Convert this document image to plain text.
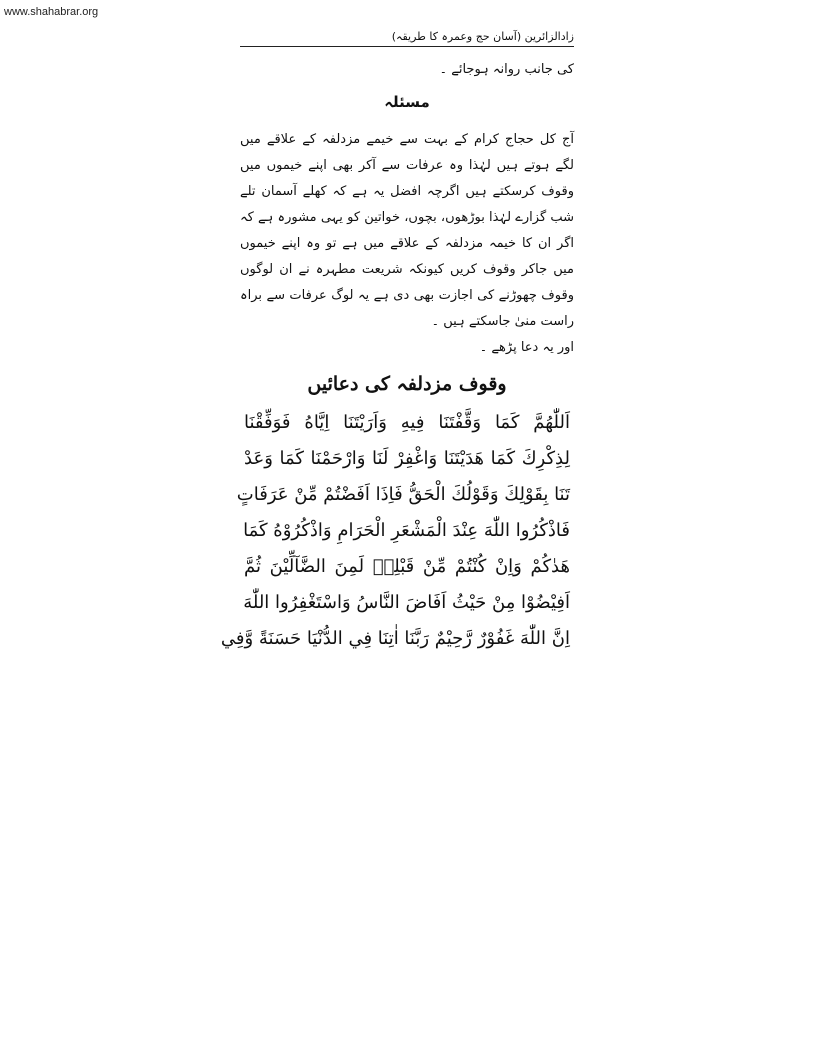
www.shahabrar.org
زادالزائرین (آسان حج وعمرہ کا طریقہ)

کی جانب روانہ ہوجائے ۔

مسئلہ

آج کل حجاج کرام کے بہت سے خیمے مزدلفہ کے علاقے میں لگے ہوتے ہیں لہٰذا وہ عرفات سے آکر بھی اپنے خیموں میں وقوف کرسکتے ہیں اگرچہ افضل یہ ہے کہ کھلے آسمان تلے شب گزارے لہٰذا بوڑھوں، بچوں، خواتین کو یہی مشورہ ہے کہ اگر ان کا خیمہ مزدلفہ کے علاقے میں ہے تو وہ اپنے خیموں میں جاکر وقوف کریں کیونکہ شریعت مطہرہ نے ان لوگوں وقوف چھوڑنے کی اجازت بھی دی ہے یہ لوگ عرفات سے براہ راست منیٰ جاسکتے ہیں ۔

اور یہ دعا پڑھے ۔

وقوف مزدلفہ کی دعائیں
اَللّٰهُمَّ كَمَا وَقَّفْتَنَا فِيهِ وَاَرَيْتَنَا اِيَّاهُ فَوَفِّقْنَا
لِذِكْرِكَ كَمَا هَدَيْتَنَا وَاغْفِرْ لَنَا وَارْحَمْنَا كَمَا وَعَدْ
تَنَا بِقَوْلِكَ وَقَوْلُكَ الْحَقُّ فَاِذَا اَفَضْتُمْ مِّنْ عَرَفَاتٍ
فَاذْكُرُوا اللّٰهَ عِنْدَ الْمَشْعَرِ الْحَرَامِ وَاذْكُرُوْهُ كَمَا
هَدٰكُمْ وَاِنْ كُنْتُمْ مِّنْ قَبْلِهٖ لَمِنَ الضَّآلِّيْنَ ثُمَّ
اَفِيْضُوْا مِنْ حَيْثُ اَفَاضَ النَّاسُ وَاسْتَغْفِرُوا اللّٰهَ
اِنَّ اللّٰهَ غَفُوْرٌ رَّحِيْمٌ رَبَّنَا اٰتِنَا فِي الدُّنْيَا حَسَنَةً وَّفِي
